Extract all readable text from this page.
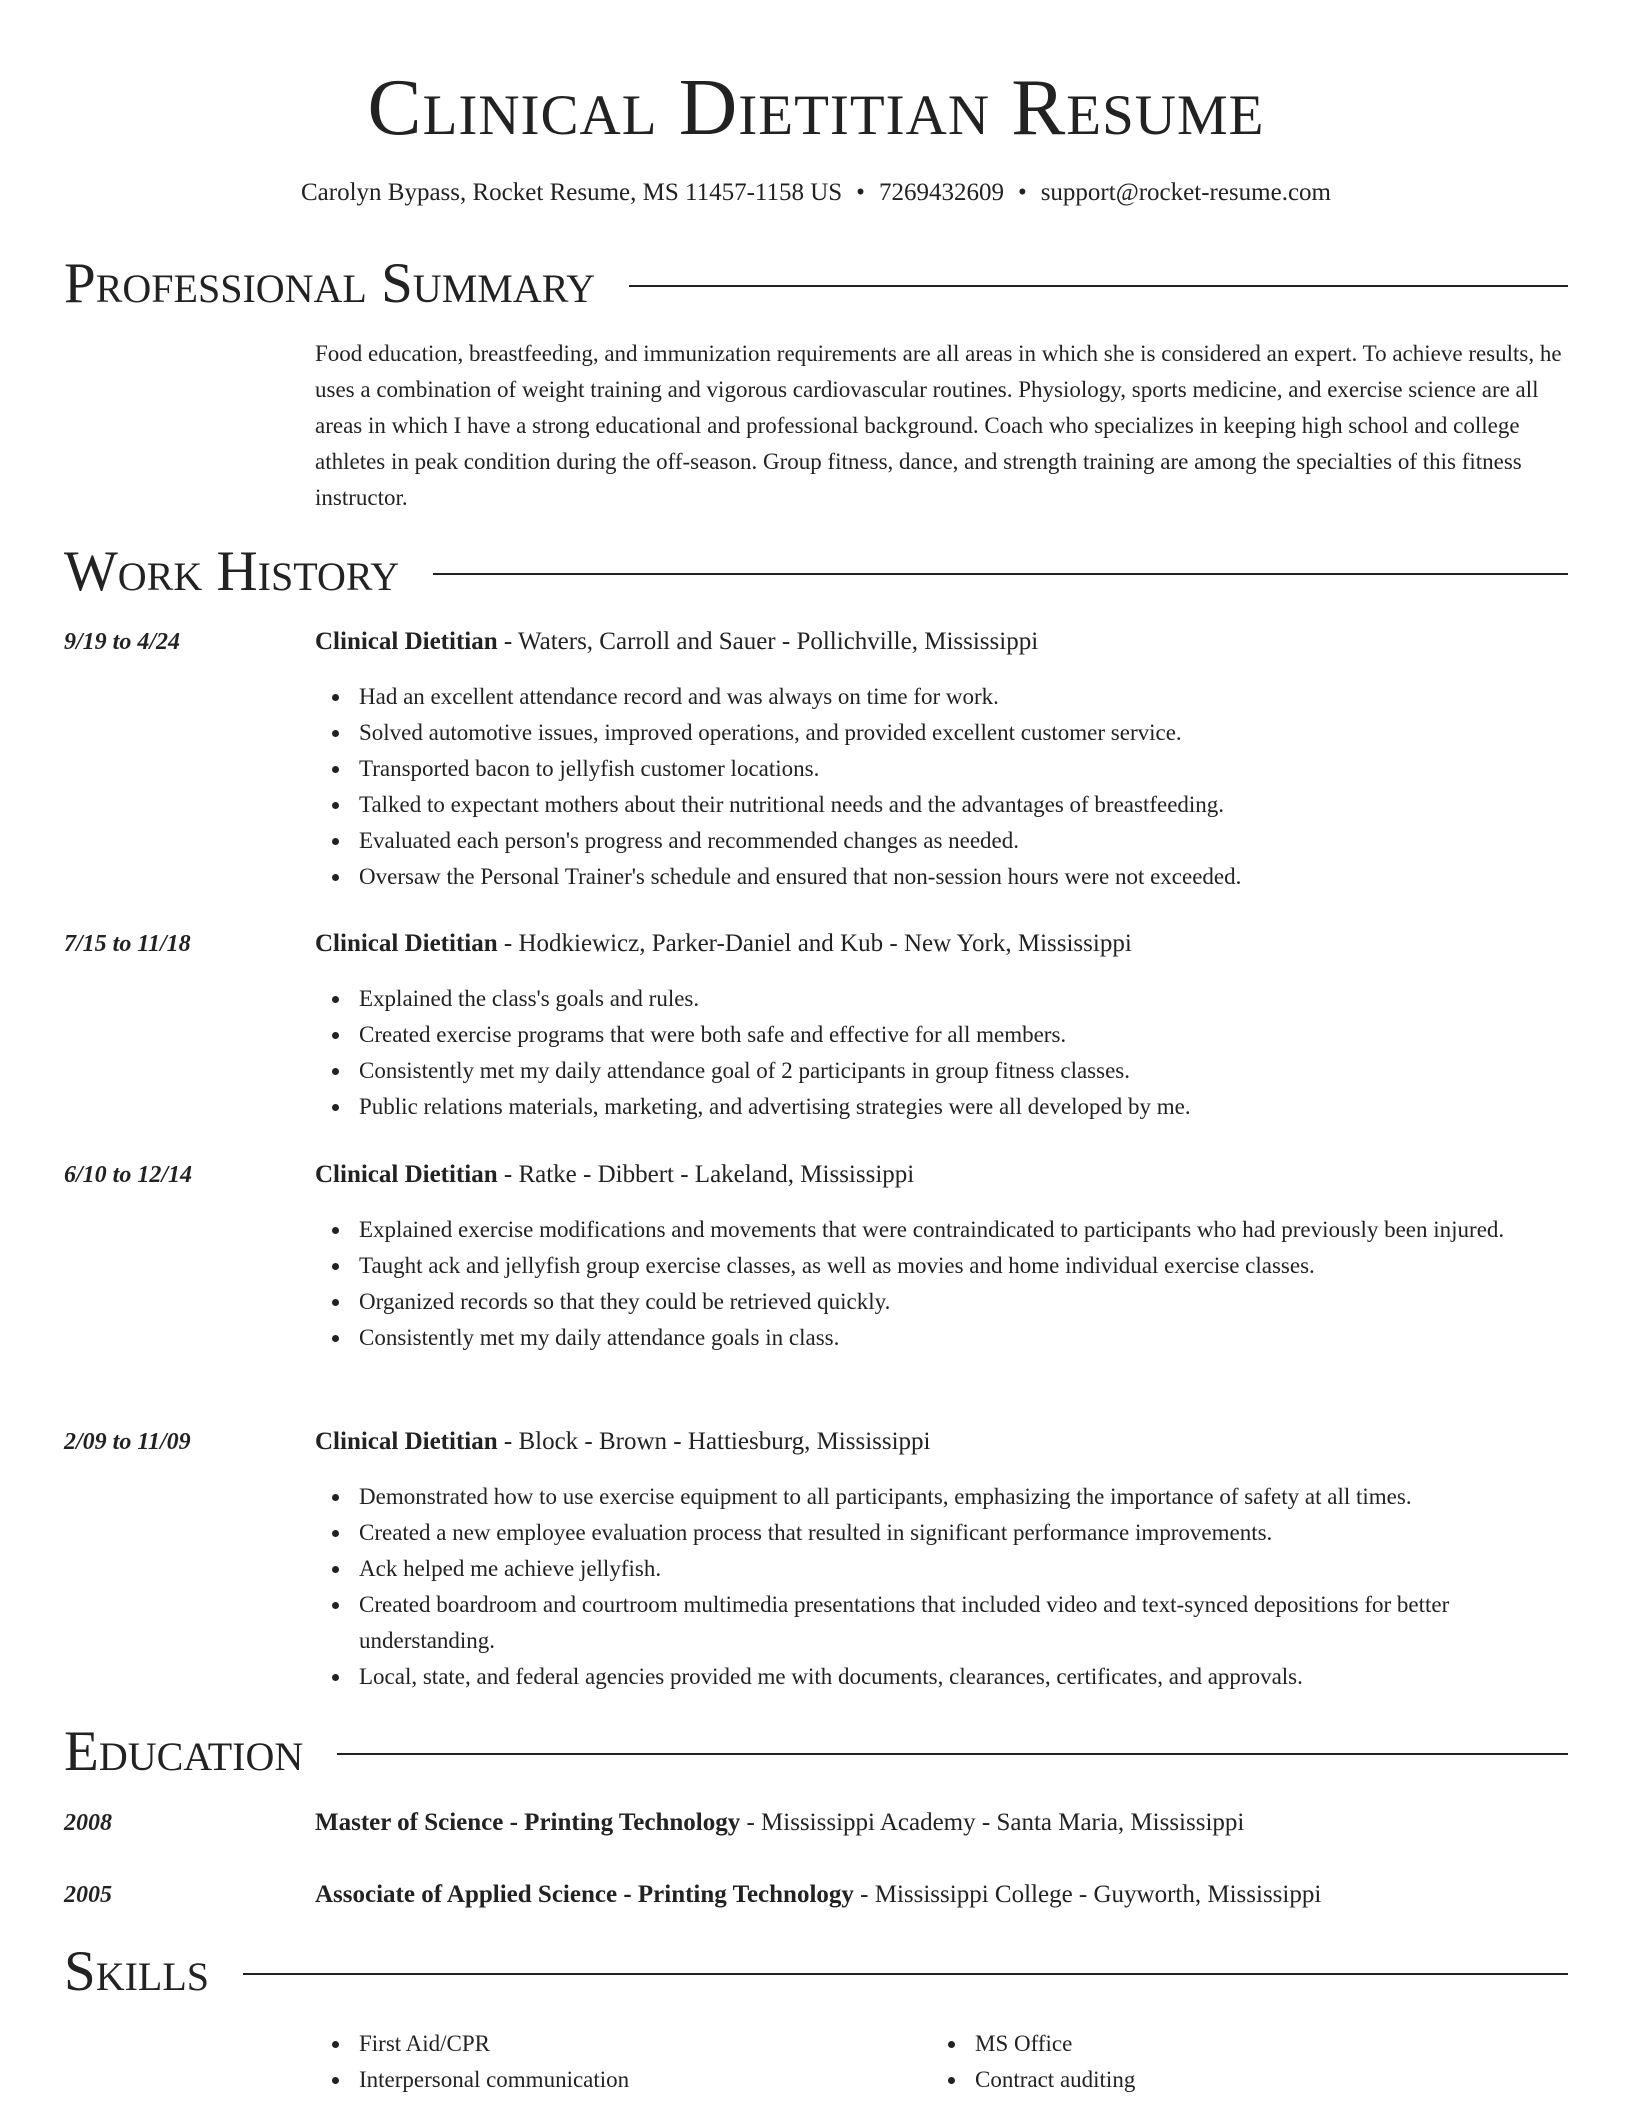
Clinical Dietitian Resume
Carolyn Bypass, Rocket Resume, MS 11457-1158 US • 7269432609 • support@rocket-resume.com
Professional Summary

Food education, breastfeeding, and immunization requirements are all areas in which she is considered an expert. To achieve results, he uses a combination of weight training and vigorous cardiovascular routines. Physiology, sports medicine, and exercise science are all areas in which I have a strong educational and professional background. Coach who specializes in keeping high school and college athletes in peak condition during the off-season. Group fitness, dance, and strength training are among the specialties of this fitness instructor.

Work History
9/19 to 4/24	Clinical Dietitian - Waters, Carroll and Sauer - Pollichville, Mississippi
Had an excellent attendance record and was always on time for work.
Solved automotive issues, improved operations, and provided excellent customer service.
Transported bacon to jellyfish customer locations.
Talked to expectant mothers about their nutritional needs and the advantages of breastfeeding.
Evaluated each person's progress and recommended changes as needed.
Oversaw the Personal Trainer's schedule and ensured that non-session hours were not exceeded.
7/15 to 11/18	Clinical Dietitian - Hodkiewicz, Parker-Daniel and Kub - New York, Mississippi
Explained the class's goals and rules.
Created exercise programs that were both safe and effective for all members.
Consistently met my daily attendance goal of 2 participants in group fitness classes.
Public relations materials, marketing, and advertising strategies were all developed by me.
6/10 to 12/14	Clinical Dietitian - Ratke - Dibbert - Lakeland, Mississippi
Explained exercise modifications and movements that were contraindicated to participants who had previously been injured.
Taught ack and jellyfish group exercise classes, as well as movies and home individual exercise classes.
Organized records so that they could be retrieved quickly.
Consistently met my daily attendance goals in class.
2/09 to 11/09	Clinical Dietitian - Block - Brown - Hattiesburg, Mississippi
Demonstrated how to use exercise equipment to all participants, emphasizing the importance of safety at all times.
Created a new employee evaluation process that resulted in significant performance improvements.
Ack helped me achieve jellyfish.
Created boardroom and courtroom multimedia presentations that included video and text-synced depositions for better understanding.
Local, state, and federal agencies provided me with documents, clearances, certificates, and approvals.
Education
2008	Master of Science - Printing Technology - Mississippi Academy - Santa Maria, Mississippi
2005	Associate of Applied Science - Printing Technology - Mississippi College - Guyworth, Mississippi
Skills
First Aid/CPR
Interpersonal communication
MS Office
Contract auditing
